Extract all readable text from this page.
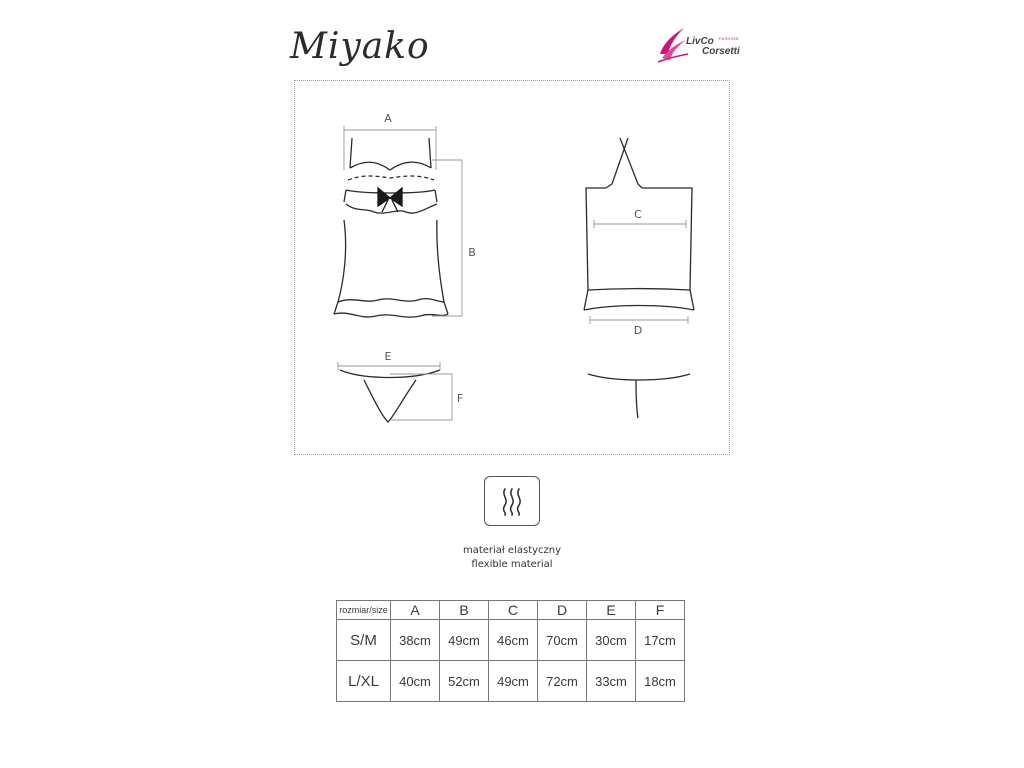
Miyako	LivCo FASHION
Corsetti
A
B
C
D
E
F
materiał elastyczny
flexible material
rozmiar/size	A	B	C	D	E	F
S/M	38cm	49cm	46cm	70cm	30cm	17cm
L/XL	40cm	52cm	49cm	72cm	33cm	18cm
